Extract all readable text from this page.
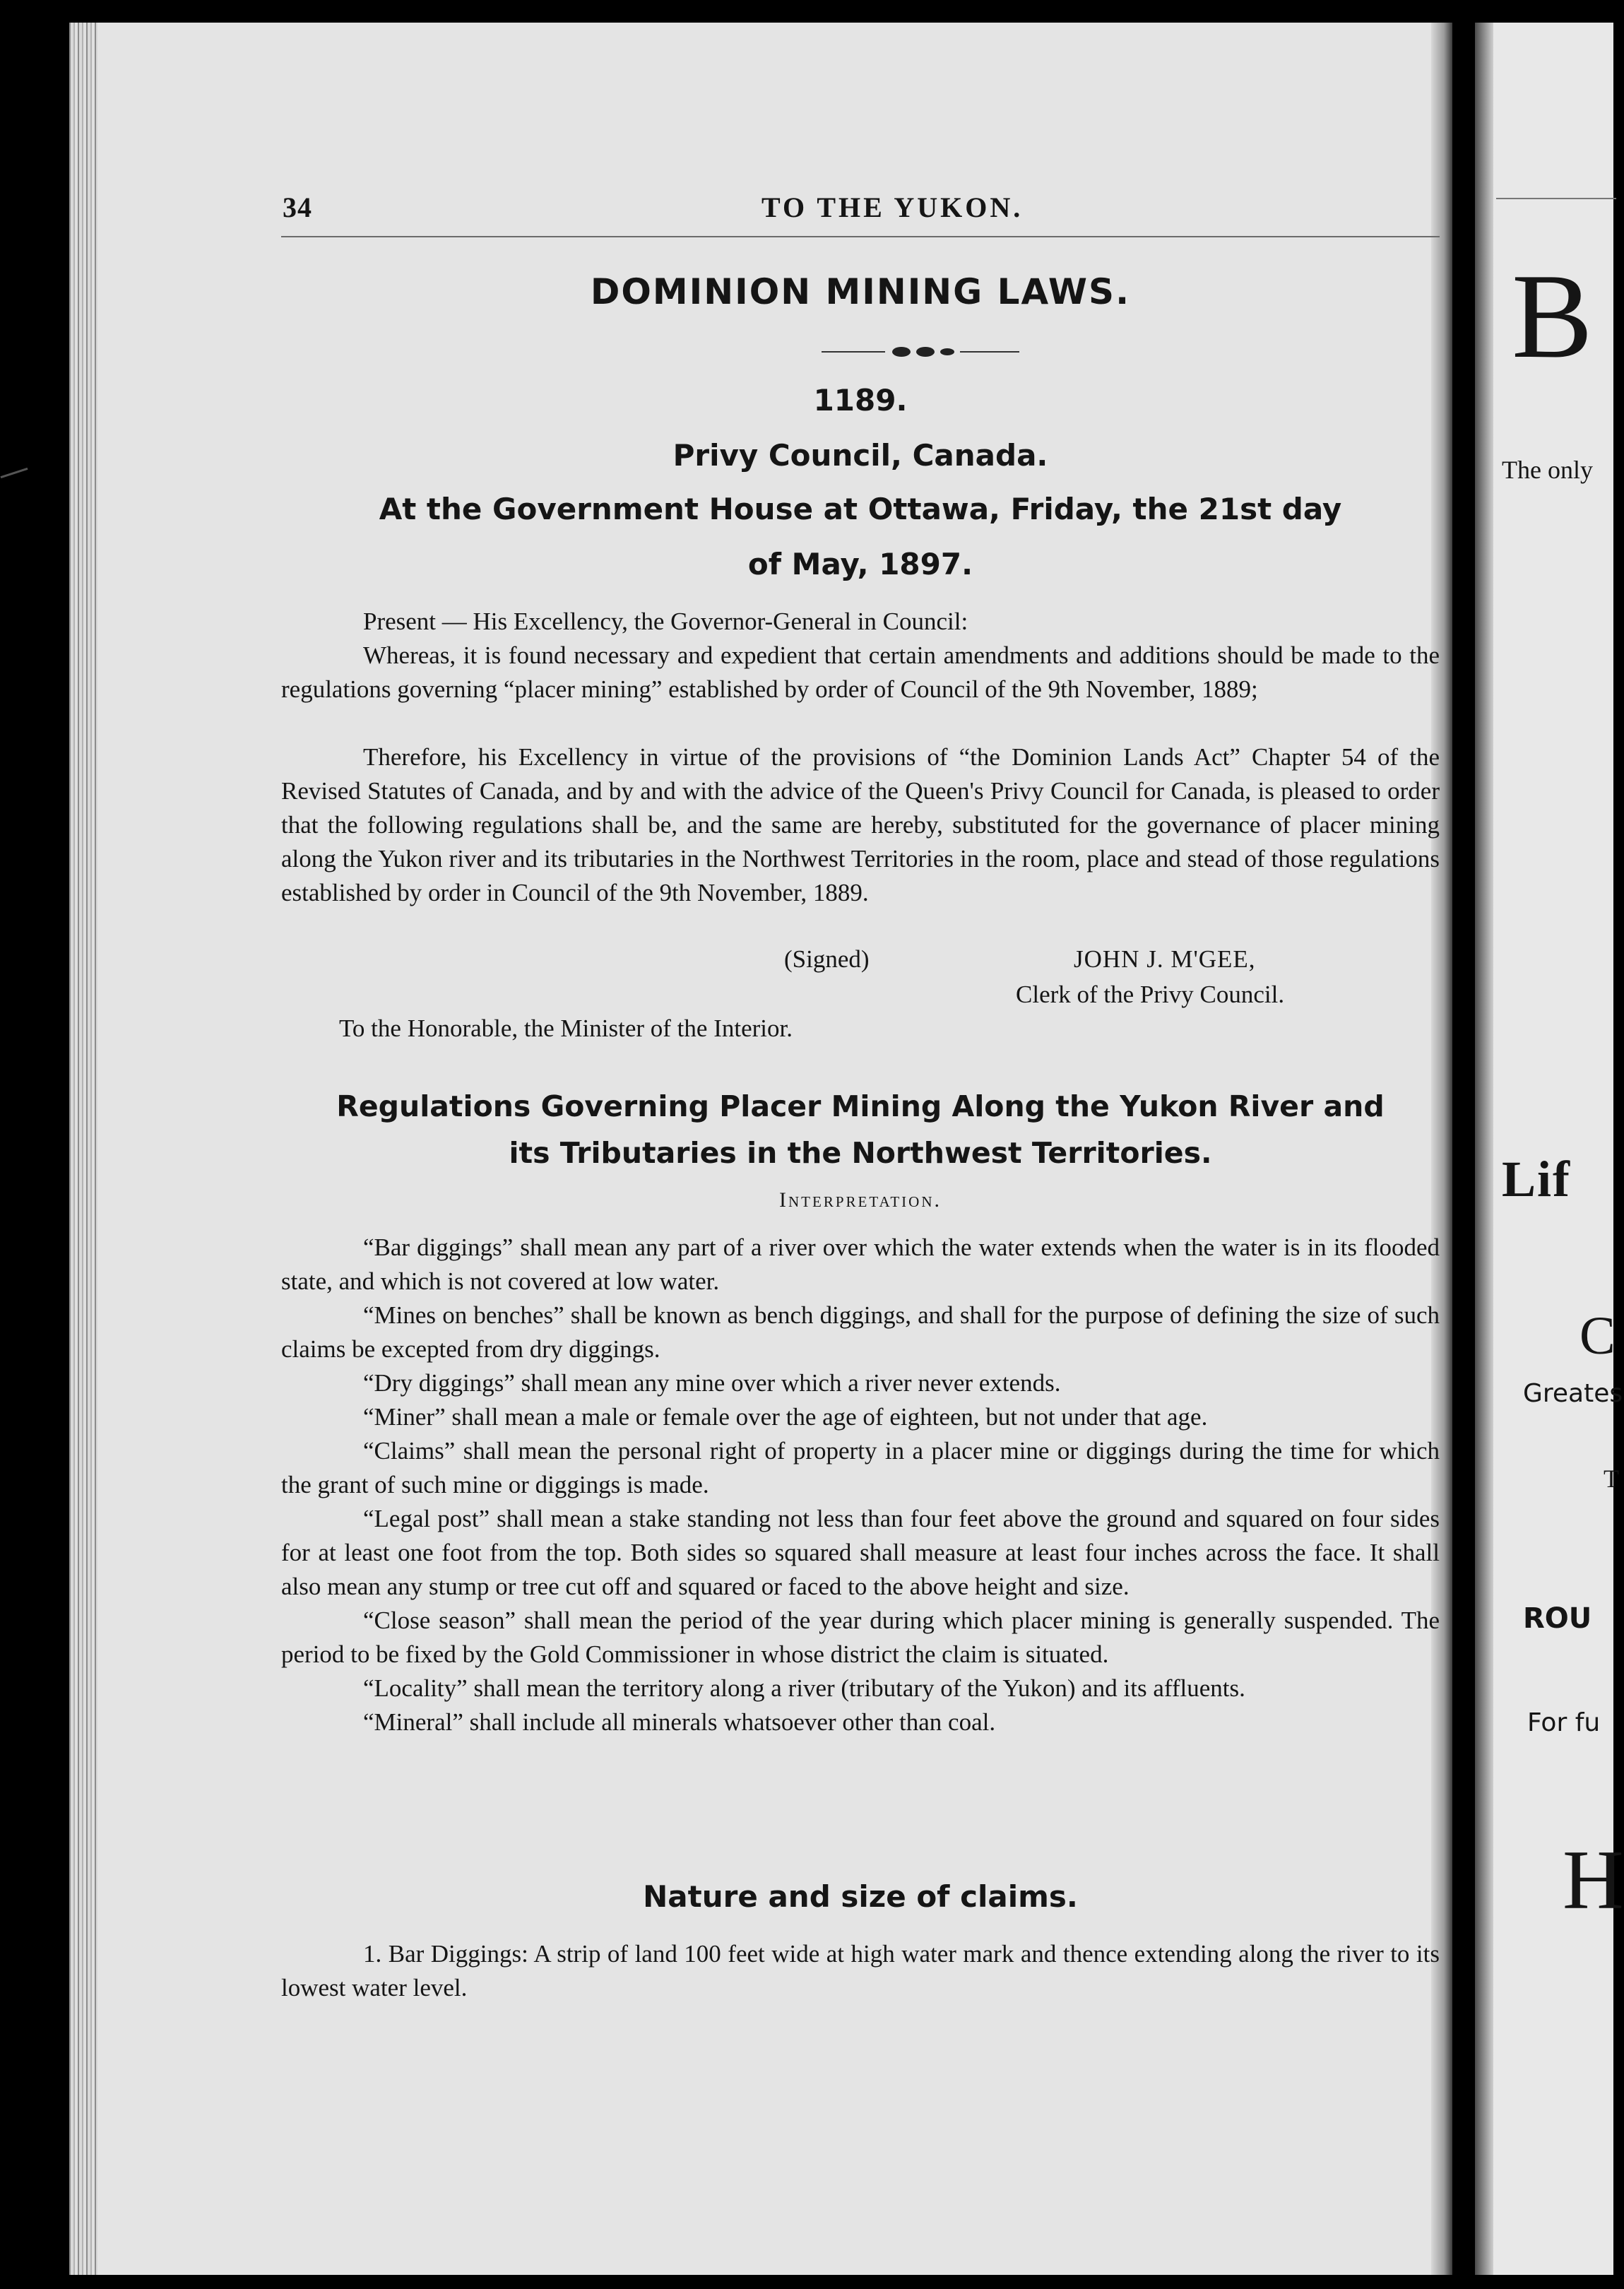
34	TO THE YUKON.
DOMINION MINING LAWS.
1189.
Privy Council, Canada.
At the Government House at Ottawa, Friday, the 21st day
of May, 1897.
Present — His Excellency, the Governor-General in Council:
Whereas, it is found necessary and expedient that certain amendments and additions should be made to the regulations governing “placer mining” established by order of Council of the 9th November, 1889;
Therefore, his Excellency in virtue of the provisions of “the Dominion Lands Act” Chapter 54 of the Revised Statutes of Canada, and by and with the advice of the Queen's Privy Council for Canada, is pleased to order that the following regulations shall be, and the same are hereby, substituted for the governance of placer mining along the Yukon river and its tributaries in the Northwest Territories in the room, place and stead of those regulations established by order in Council of the 9th November, 1889.
(Signed)	JOHN J. M'GEE,
Clerk of the Privy Council.
To the Honorable, the Minister of the Interior.
Regulations Governing Placer Mining Along the Yukon River and
its Tributaries in the Northwest Territories.
Interpretation.

“Bar diggings” shall mean any part of a river over which the water extends when the water is in its flooded state, and which is not covered at low water.

“Mines on benches” shall be known as bench diggings, and shall for the purpose of defining the size of such claims be excepted from dry diggings.

“Dry diggings” shall mean any mine over which a river never extends.

“Miner” shall mean a male or female over the age of eighteen, but not under that age.

“Claims” shall mean the personal right of property in a placer mine or diggings during the time for which the grant of such mine or diggings is made.

“Legal post” shall mean a stake standing not less than four feet above the ground and squared on four sides for at least one foot from the top. Both sides so squared shall measure at least four inches across the face. It shall also mean any stump or tree cut off and squared or faced to the above height and size.

“Close season” shall mean the period of the year during which placer mining is generally suspended. The period to be fixed by the Gold Commissioner in whose district the claim is situated.

“Locality” shall mean the territory along a river (tributary of the Yukon) and its affluents.

“Mineral” shall include all minerals whatsoever other than coal.

Nature and size of claims.
1. Bar Diggings: A strip of land 100 feet wide at high water mark and thence extending along the river to its lowest water level.
B
The only
Lif
C
Greates
T
ROU
For fu
H
